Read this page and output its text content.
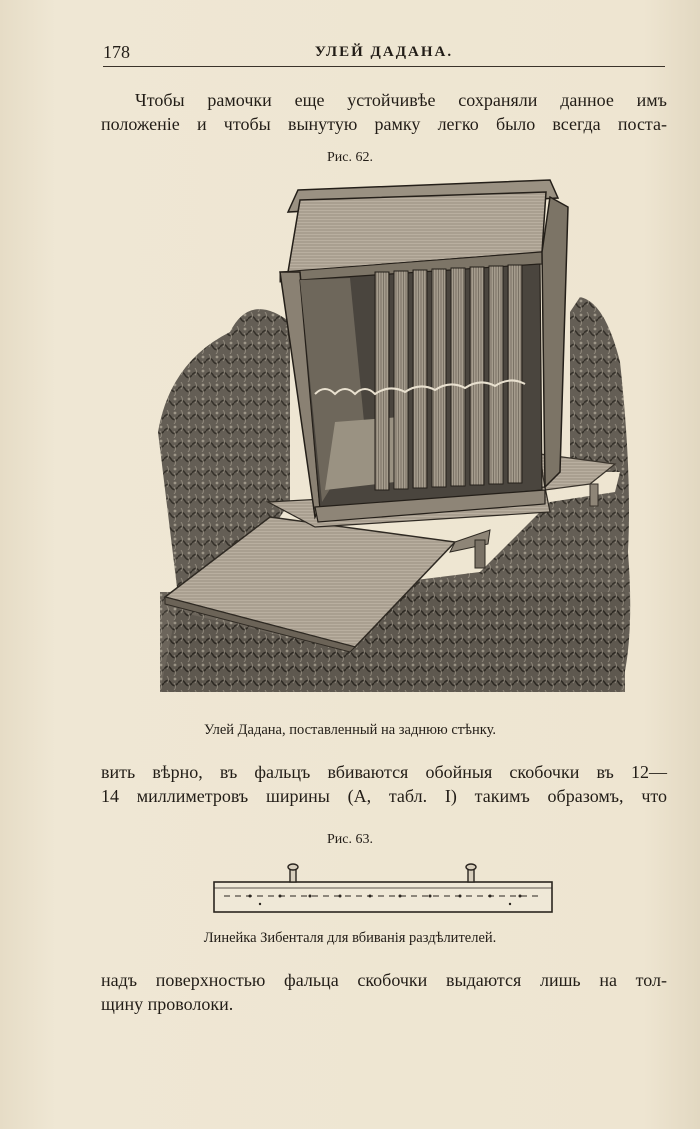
178	УЛЕЙ ДАДАНА.
Чтобы рамочки еще устойчивѣе сохраняли данное имъ
положенiе и чтобы вынутую рамку легко было всегда поста-
Рис. 62.
Улей Дадана, поставленный на заднюю стѣнку.
вить вѣрно, въ фальцъ вбиваются обойныя скобочки въ 12—
14 миллиметровъ ширины (А, табл. I) такимъ образомъ, что
Рис. 63.
Линейка Зибенталя для вбиванiя раздѣлителей.
надъ поверхностью фальца скобочки выдаются лишь на тол-
щину проволоки.
